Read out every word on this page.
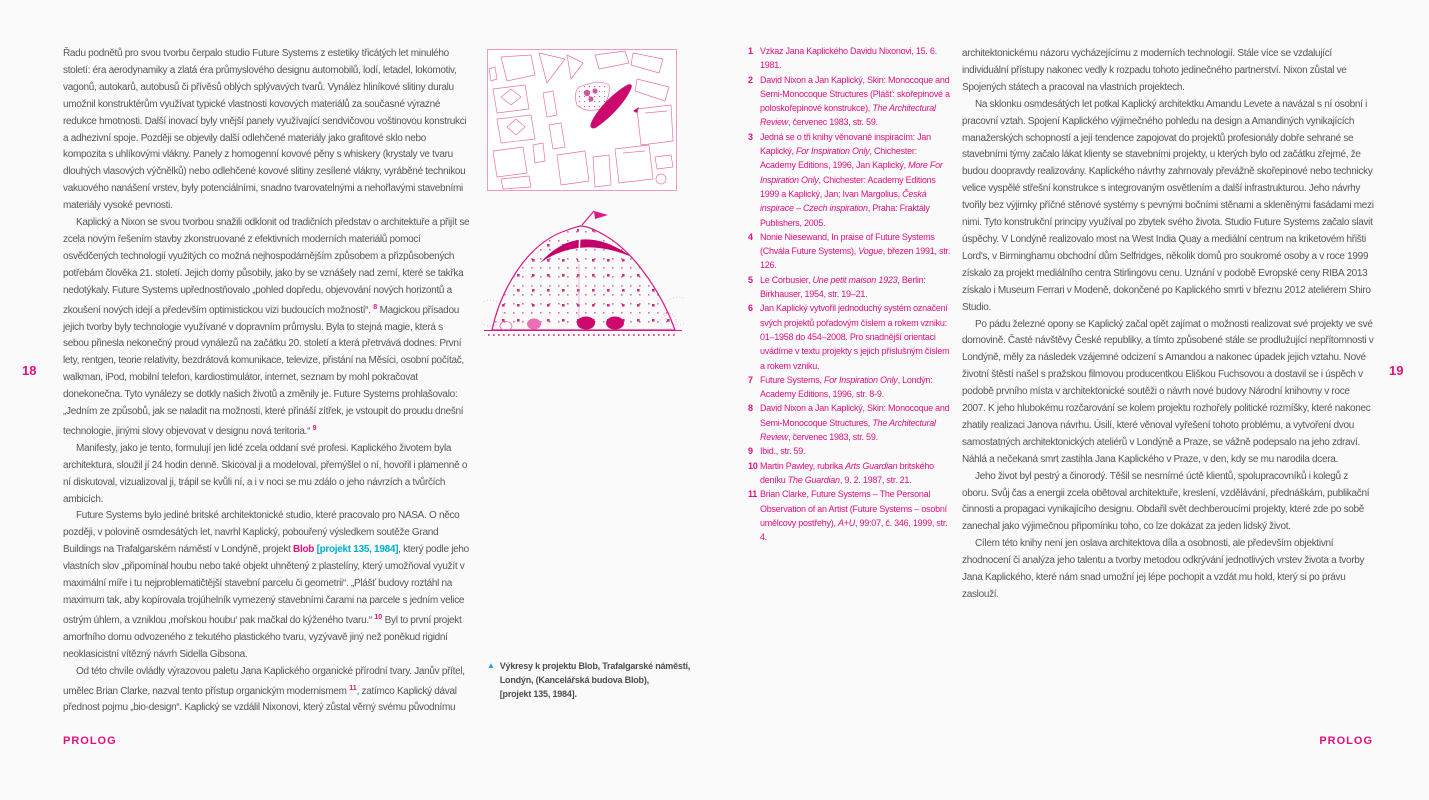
18	19

Řadu podnětů pro svou tvorbu čerpalo studio Future Systems z estetiky třicátých let minulého století: éra aerodynamiky a zlatá éra průmyslového designu automobilů, lodí, letadel, lokomotiv, vagonů, autokarů, autobusů či přívěsů oblých splývavých tvarů. Vynález hliníkové slitiny duralu umožnil konstruktérům využívat typické vlastnosti kovových materiálů za současné výrazné redukce hmotnosti. Další inovací byly vnější panely využívající sendvičovou voštinovou konstrukci a adhezivní spoje. Později se objevily další odlehčené materiály jako grafitové sklo nebo kompozita s uhlíkovými vlákny. Panely z homogenní kovové pěny s whiskery (krystaly ve tvaru dlouhých vlasových výčnělků) nebo odlehčené kovové slitiny zesílené vlákny, vyráběné technikou vakuového nanášení vrstev, byly potenciálními, snadno tvarovatelnými a nehořlavými stavebními materiály vysoké pevnosti.

Kaplický a Nixon se svou tvorbou snažili odklonit od tradičních představ o architektuře a přijít se zcela novým řešením stavby zkonstruované z efektivních moderních materiálů pomocí osvědčených technologií využitých co možná nejhospodárnějším způsobem a přizpůsobených potřebám člověka 21. století. Jejich domy působily, jako by se vznášely nad zemí, které se takřka nedotýkaly. Future Systems upřednostňovalo „pohled dopředu, objevování nových horizontů a zkoušení nových idejí a především optimistickou vizi budoucích možností“. $^8$ Magickou přísadou jejich tvorby byly technologie využívané v dopravním průmyslu. Byla to stejná magie, která s sebou přinesla nekonečný proud vynálezů na začátku 20. století a která přetrvává dodnes. První lety, rentgen, teorie relativity, bezdrátová komunikace, televize, přistání na Měsíci, osobní počítač, walkman, iPod, mobilní telefon, kardiostimulátor, internet, seznam by mohl pokračovat donekonečna. Tyto vynálezy se dotkly našich životů a změnily je. Future Systems prohlašovalo: „Jedním ze způsobů, jak se naladit na možnosti, které přináší zítřek, je vstoupit do proudu dnešní technologie, jinými slovy objevovat v designu nová teritoria.“ $^9$

Manifesty, jako je tento, formulují jen lidé zcela oddaní své profesi. Kaplického životem byla architektura, sloužil jí 24 hodin denně. Skicoval ji a modeloval, přemýšlel o ní, hovořil i plamenně o ní diskutoval, vizualizoval ji, trápil se kvůli ní, a i v noci se mu zdálo o jeho návrzích a tvůrčích ambicích.

Future Systems bylo jediné britské architektonické studio, které pracovalo pro NASA. O něco později, v polovině osmdesátých let, navrhl Kaplický, pobouřený výsledkem soutěže Grand Buildings na Trafalgarském náměstí v Londýně, projekt Blob [projekt 135, 1984], který podle jeho vlastních slov „připomínal houbu nebo také objekt uhnětený z plastelíny, který umožňoval využít v maximální míře i tu nejproblematičtější stavební parcelu či geometrii“. „Plášť budovy roztáhl na maximum tak, aby kopírovala trojúhelník vymezený stavebními čarami na parcele s jedním velice ostrým úhlem, a vzniklou ‚mořskou houbu‘ pak mačkal do kýženého tvaru.“ $^{10}$ Byl to první projekt amorfního domu odvozeného z tekutého plastického tvaru, vyzývavě jiný než poněkud rigidní neoklasicistní vítězný návrh Sidella Gibsona.

Od této chvíle ovládly výrazovou paletu Jana Kaplického organické přírodní tvary. Janův přítel, umělec Brian Clarke, nazval tento přístup organickým modernismem $^{11}$, zatímco Kaplický dával přednost pojmu „bio-design“. Kaplický se vzdálil Nixonovi, který zůstal věrný svému původnímu

▲ Výkresy k projektu Blob, Trafalgarské náměstí,
Londýn, (Kancelářská budova Blob),
[projekt 135, 1984].
1 Vzkaz Jana Kaplického Davidu Nixonovi, 15. 6. 1981.
2 David Nixon a Jan Kaplický, Skin: Monocoque and Semi-Monocoque Structures (Plášť: skořepinové a poloskořepinové konstrukce), The Architectural Review, červenec 1983, str. 59.
3 Jedná se o tři knihy věnované inspiracím: Jan Kaplický, For Inspiration Only, Chichester: Academy Editions, 1996, Jan Kaplický, More For Inspiration Only, Chichester: Academy Editions 1999 a Kaplický, Jan; Ivan Margolius, Česká inspirace – Czech inspiration, Praha: Fraktály Publishers, 2005.
4 Nonie Niesewand, In praise of Future Systems (Chvála Future Systems), Vogue, březen 1991, str. 126.
5 Le Corbusier, Une petit maison 1923, Berlin: Birkhauser, 1954, str. 19–21.
6 Jan Kaplický vytvořil jednoduchý systém označení svých projektů pořadovým číslem a rokem vzniku: 01–1958 do 454–2008. Pro snadnější orientaci uvádíme v textu projekty s jejich příslušným číslem a rokem vzniku.
7 Future Systems, For Inspiration Only, Londýn: Academy Editions, 1996, str. 8-9.
8 David Nixon a Jan Kaplický, Skin: Monocoque and Semi-Monocoque Structures, The Architectural Review, červenec 1983, str. 59.
9 Ibid., str. 59.
10 Martin Pawley, rubrika Arts Guardian britského deníku The Guardian, 9. 2. 1987, str. 21.
11 Brian Clarke, Future Systems – The Personal Observation of an Artist (Future Systems – osobní umělcovy postřehy), A+U, 99:07, č. 346, 1999, str. 4.

architektonickému názoru vycházejícímu z moderních technologií. Stále více se vzdalující individuální přístupy nakonec vedly k rozpadu tohoto jedinečného partnerství. Nixon zůstal ve Spojených státech a pracoval na vlastních projektech.

Na sklonku osmdesátých let potkal Kaplický architektku Amandu Levete a navázal s ní osobní i pracovní vztah. Spojení Kaplického výjimečného pohledu na design a Amandiných vynikajících manažerských schopností a její tendence zapojovat do projektů profesionály dobře sehrané se stavebními týmy začalo lákat klienty se stavebními projekty, u kterých bylo od začátku zřejmé, že budou doopravdy realizovány. Kaplického návrhy zahrnovaly převážně skořepinové nebo technicky velice vyspělé střešní konstrukce s integrovaným osvětlením a další infrastrukturou. Jeho návrhy tvořily bez výjimky příčné stěnové systémy s pevnými bočními stěnami a skleněnými fasádami mezi nimi. Tyto konstrukční principy využíval po zbytek svého života. Studio Future Systems začalo slavit úspěchy. V Londýně realizovalo most na West India Quay a mediální centrum na kriketovém hřišti Lord's, v Birminghamu obchodní dům Selfridges, několik domů pro soukromé osoby a v roce 1999 získalo za projekt mediálního centra Stirlingovu cenu. Uznání v podobě Evropské ceny RIBA 2013 získalo i Museum Ferrari v Modeně, dokončené po Kaplického smrti v březnu 2012 ateliérem Shiro Studio.

Po pádu železné opony se Kaplický začal opět zajímat o možnosti realizovat své projekty ve své domovině. Časté návštěvy České republiky, a tímto způsobené stále se prodlužující nepřítomnosti v Londýně, měly za následek vzájemné odcizení s Amandou a nakonec úpadek jejich vztahu. Nové životní štěstí našel s pražskou filmovou producentkou Eliškou Fuchsovou a dostavil se i úspěch v podobě prvního místa v architektonické soutěži o návrh nové budovy Národní knihovny v roce 2007. K jeho hlubokému rozčarování se kolem projektu rozhořely politické rozmíšky, které nakonec zhatily realizaci Janova návrhu. Úsilí, které věnoval vyřešení tohoto problému, a vytvoření dvou samostatných architektonických ateliérů v Londýně a Praze, se vážně podepsalo na jeho zdraví. Náhlá a nečekaná smrt zastihla Jana Kaplického v Praze, v den, kdy se mu narodila dcera.

Jeho život byl pestrý a činorodý. Těšil se nesmírné úctě klientů, spolupracovníků i kolegů z oboru. Svůj čas a energii zcela obětoval architektuře, kreslení, vzdělávání, přednáškám, publikační činnosti a propagaci vynikajícího designu. Obdařil svět dechberoucími projekty, které zde po sobě zanechal jako výjimečnou připomínku toho, co lze dokázat za jeden lidský život.

Cílem této knihy není jen oslava architektova díla a osobnosti, ale především objektivní zhodnocení či analýza jeho talentu a tvorby metodou odkrývání jednotlivých vrstev života a tvorby Jana Kaplického, které nám snad umožní jej lépe pochopit a vzdát mu hold, který si po právu zaslouží.

PROLOG	PROLOG
